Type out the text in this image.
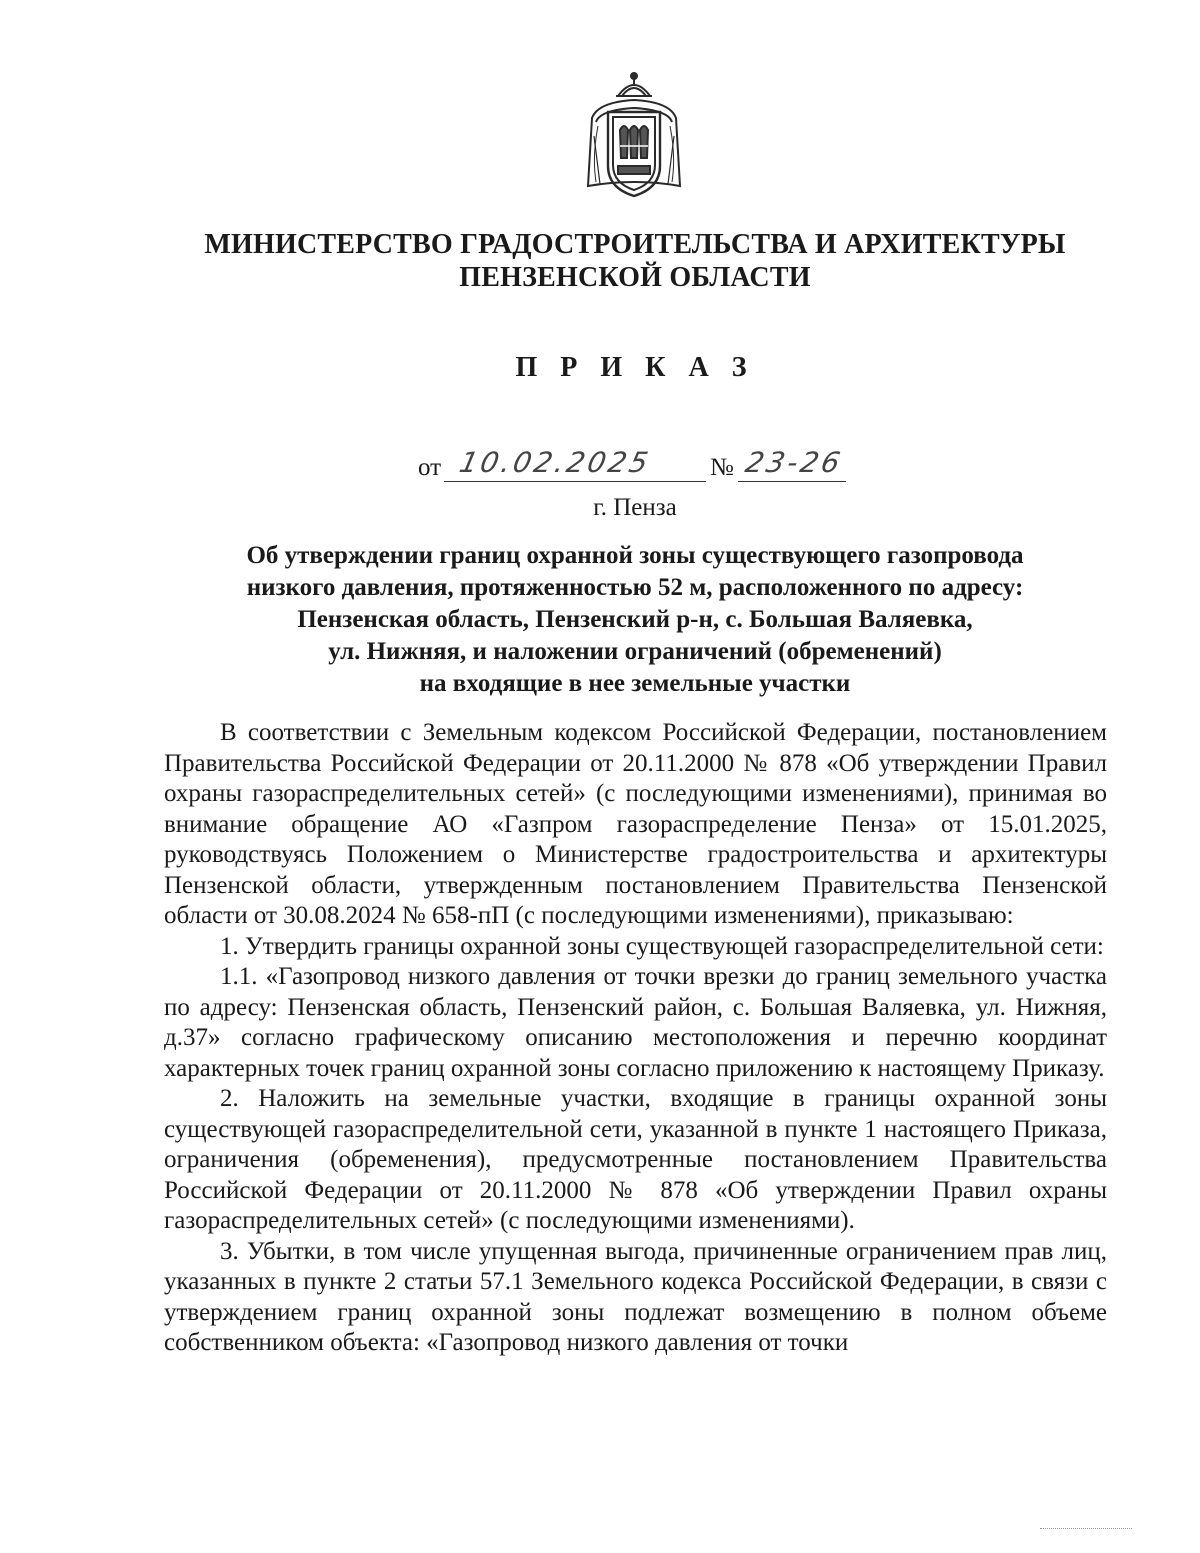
МИНИСТЕРСТВО ГРАДОСТРОИТЕЛЬСТВА И АРХИТЕКТУРЫ
ПЕНЗЕНСКОЙ ОБЛАСТИ
П Р И К А З
от 10.02.2025 № 23-26
г. Пенза
Об утверждении границ охранной зоны существующего газопровода
низкого давления, протяженностью 52 м, расположенного по адресу:
Пензенская область, Пензенский р-н, с. Большая Валяевка,
ул. Нижняя, и наложении ограничений (обременений)
на входящие в нее земельные участки

В соответствии с Земельным кодексом Российской Федерации, постановлением Правительства Российской Федерации от 20.11.2000 № 878 «Об утверждении Правил охраны газораспределительных сетей» (с последующими изменениями), принимая во внимание обращение АО «Газпром газораспределение Пенза» от 15.01.2025, руководствуясь Положением о Министерстве градостроительства и архитектуры Пензенской области, утвержденным постановлением Правительства Пензенской области от 30.08.2024 № 658-пП (с последующими изменениями), приказываю:

1. Утвердить границы охранной зоны существующей газораспределительной сети:

1.1. «Газопровод низкого давления от точки врезки до границ земельного участка по адресу: Пензенская область, Пензенский район, с. Большая Валяевка, ул. Нижняя, д.37» согласно графическому описанию местоположения и перечню координат характерных точек границ охранной зоны согласно приложению к настоящему Приказу.

2. Наложить на земельные участки, входящие в границы охранной зоны существующей газораспределительной сети, указанной в пункте 1 настоящего Приказа, ограничения (обременения), предусмотренные постановлением Правительства Российской Федерации от 20.11.2000 № 878 «Об утверждении Правил охраны газораспределительных сетей» (с последующими изменениями).

3. Убытки, в том числе упущенная выгода, причиненные ограничением прав лиц, указанных в пункте 2 статьи 57.1 Земельного кодекса Российской Федерации, в связи с утверждением границ охранной зоны подлежат возмещению в полном объеме собственником объекта: «Газопровод низкого давления от точки
